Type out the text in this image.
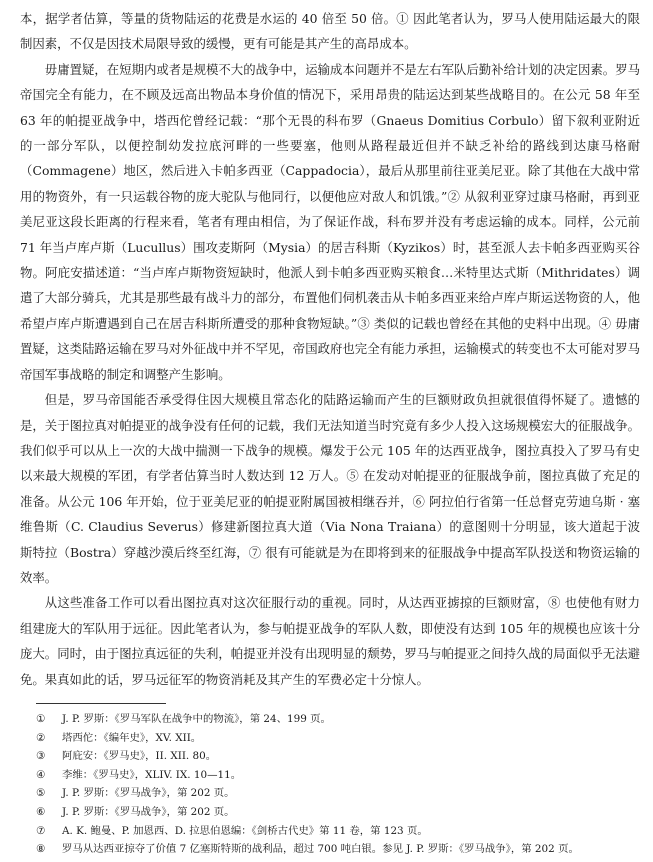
本，据学者估算，等量的货物陆运的花费是水运的 40 倍至 50 倍。① 因此笔者认为，罗马人使用陆运最大的限制因素，不仅是因技术局限导致的缓慢，更有可能是其产生的高昂成本。

毋庸置疑，在短期内或者是规模不大的战争中，运输成本问题并不是左右军队后勤补给计划的决定因素。罗马帝国完全有能力，在不顾及远高出物品本身价值的情况下，采用昂贵的陆运达到某些战略目的。在公元 58 年至 63 年的帕提亚战争中，塔西佗曾经记载：“那个无畏的科布罗（Gnaeus Domitius Corbulo）留下叙利亚附近的一部分军队，以便控制幼发拉底河畔的一些要塞，他则从路程最近但并不缺乏补给的路线到达康马格耐（Commagene）地区，然后进入卡帕多西亚（Cappadocia），最后从那里前往亚美尼亚。除了其他在大战中常用的物资外，有一只运载谷物的庞大驼队与他同行，以便他应对敌人和饥饿。”② 从叙利亚穿过康马格耐，再到亚美尼亚这段长距离的行程来看，笔者有理由相信，为了保证作战，科布罗并没有考虑运输的成本。同样，公元前 71 年当卢库卢斯（Lucullus）围攻麦斯阿（Mysia）的居吉科斯（Kyzikos）时，甚至派人去卡帕多西亚购买谷物。阿庇安描述道：“当卢库卢斯物资短缺时，他派人到卡帕多西亚购买粮食…米特里达式斯（Mithridates）调遣了大部分骑兵，尤其是那些最有战斗力的部分，布置他们伺机袭击从卡帕多西亚来给卢库卢斯运送物资的人，他希望卢库卢斯遭遇到自己在居吉科斯所遭受的那种食物短缺。”③ 类似的记载也曾经在其他的史料中出现。④ 毋庸置疑，这类陆路运输在罗马对外征战中并不罕见，帝国政府也完全有能力承担，运输模式的转变也不太可能对罗马帝国军事战略的制定和调整产生影响。

但是，罗马帝国能否承受得住因大规模且常态化的陆路运输而产生的巨额财政负担就很值得怀疑了。遗憾的是，关于图拉真对帕提亚的战争没有任何的记载，我们无法知道当时究竟有多少人投入这场规模宏大的征服战争。我们似乎可以从上一次的大战中揣测一下战争的规模。爆发于公元 105 年的达西亚战争，图拉真投入了罗马有史以来最大规模的军团，有学者估算当时人数达到 12 万人。⑤ 在发动对帕提亚的征服战争前，图拉真做了充足的准备。从公元 106 年开始，位于亚美尼亚的帕提亚附属国被相继吞并，⑥ 阿拉伯行省第一任总督克劳迪乌斯 · 塞维鲁斯（C. Claudius Severus）修建新图拉真大道（Via Nona Traiana）的意图则十分明显，该大道起于波斯特拉（Bostra）穿越沙漠后终至红海，⑦ 很有可能就是为在即将到来的征服战争中提高军队投送和物资运输的效率。

从这些准备工作可以看出图拉真对这次征服行动的重视。同时，从达西亚掳掠的巨额财富，⑧ 也使他有财力组建庞大的军队用于远征。因此笔者认为，参与帕提亚战争的军队人数，即使没有达到 105 年的规模也应该十分庞大。同时，由于图拉真远征的失利，帕提亚并没有出现明显的颓势，罗马与帕提亚之间持久战的局面似乎无法避免。果真如此的话，罗马远征军的物资消耗及其产生的军费必定十分惊人。

①	J. P. 罗斯：《罗马军队在战争中的物流》，第 24、199 页。
②	塔西佗：《编年史》，XV. XII。
③	阿庇安：《罗马史》，II. XII. 80。
④	李维：《罗马史》，XLIV. IX. 10—11。
⑤	J. P. 罗斯：《罗马战争》，第 202 页。
⑥	J. P. 罗斯：《罗马战争》，第 202 页。
⑦	A. K. 鲍曼、P. 加恩西、D. 拉思伯恩编：《剑桥古代史》第 11 卷，第 123 页。
⑧	罗马从达西亚掠夺了价值 7 亿塞斯特斯的战利品，超过 700 吨白银。参见 J. P. 罗斯：《罗马战争》，第 202 页。
